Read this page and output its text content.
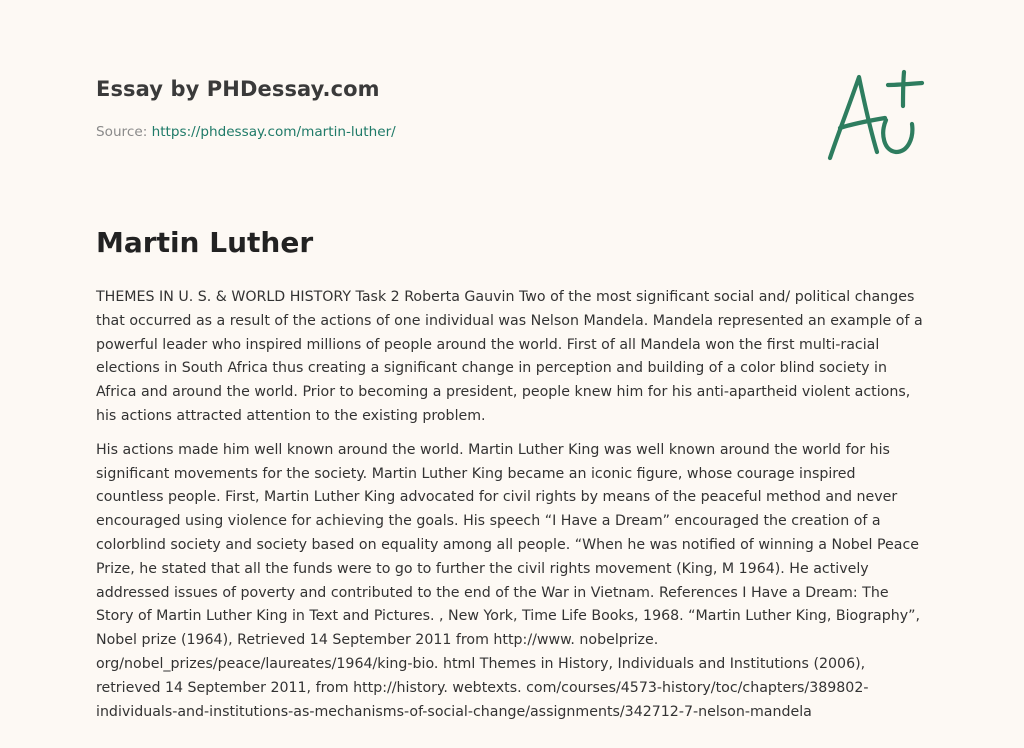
Essay by PHDessay.com
Source: https://phdessay.com/martin-luther/
Martin Luther

THEMES IN U. S. & WORLD HISTORY Task 2 Roberta Gauvin Two of the most significant social and/ political changes that occurred as a result of the actions of one individual was Nelson Mandela. Mandela represented an example of a powerful leader who inspired millions of people around the world. First of all Mandela won the first multi-racial elections in South Africa thus creating a significant change in perception and building of a color blind society in Africa and around the world. Prior to becoming a president, people knew him for his anti-apartheid violent actions, his actions attracted attention to the existing problem.

His actions made him well known around the world. Martin Luther King was well known around the world for his significant movements for the society. Martin Luther King became an iconic figure, whose courage inspired countless people. First, Martin Luther King advocated for civil rights by means of the peaceful method and never encouraged using violence for achieving the goals. His speech “I Have a Dream” encouraged the creation of a colorblind society and society based on equality among all people. “When he was notified of winning a Nobel Peace Prize, he stated that all the funds were to go to further the civil rights movement (King, M 1964). He actively addressed issues of poverty and contributed to the end of the War in Vietnam. References I Have a Dream: The Story of Martin Luther King in Text and Pictures. , New York, Time Life Books, 1968. “Martin Luther King, Biography”, Nobel prize (1964), Retrieved 14 September 2011 from http://www. nobelprize. org/nobel_prizes/peace/laureates/1964/king-bio. html Themes in History, Individuals and Institutions (2006), retrieved 14 September 2011, from http://history. webtexts. com/courses/4573-history/toc/chapters/389802-individuals-and-institutions-as-mechanisms-of-social-change/assignments/342712-7-nelson-mandela
